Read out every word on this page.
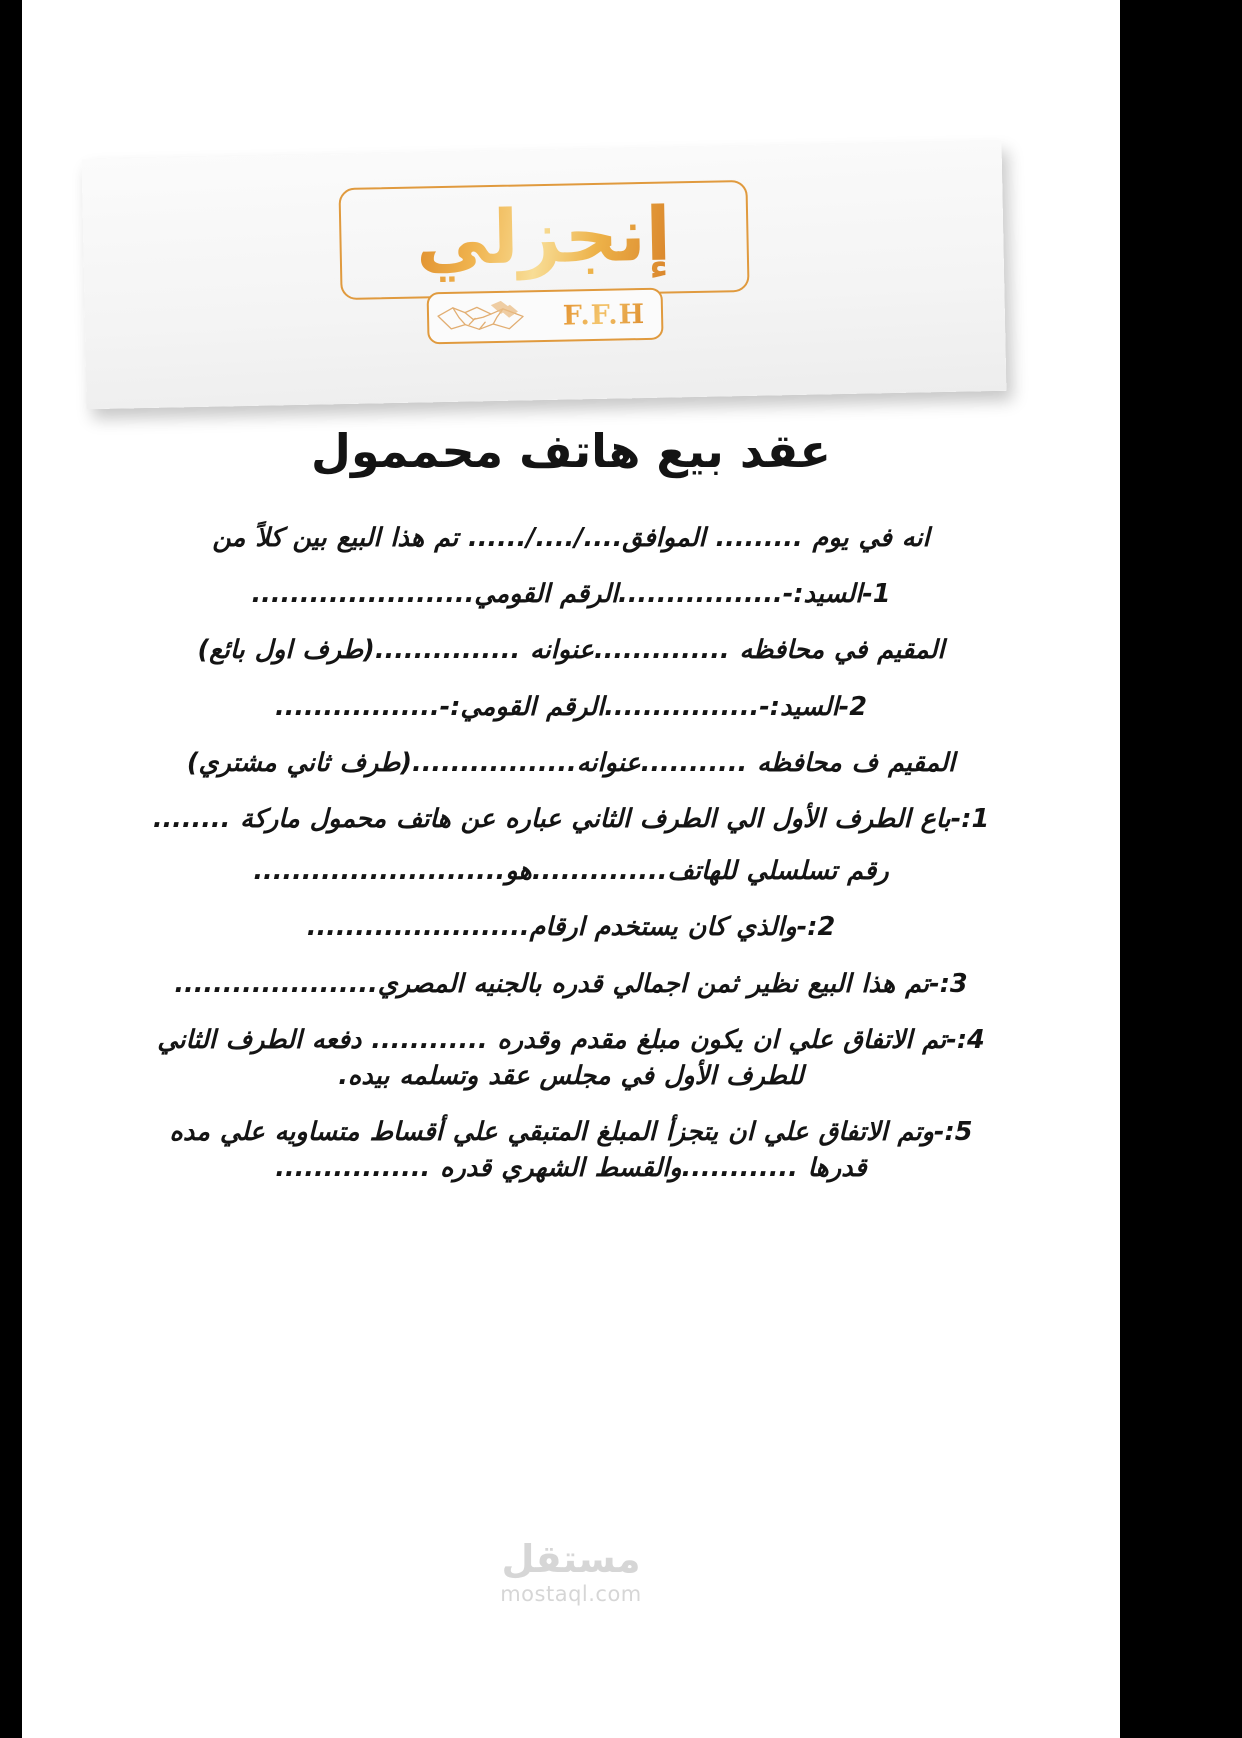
إنجزلي
F.F.H
عقد بيع هاتف محممول

انه في يوم ......... الموافق..../..../...... تم هذا البيع بين كلاً من

1-السيد:-.................الرقم القومي.......................

المقيم في محافظه ..............عنوانه ...............(طرف اول بائع)

2-السيد:-................الرقم القومي:-.................

المقيم ف محافظه ...........عنوانه.................(طرف ثاني مشتري)

1:-باع الطرف الأول الي الطرف الثاني عباره عن هاتف محمول ماركة ........

رقم تسلسلي للهاتف..............هو..........................

2:-والذي كان يستخدم ارقام.......................

3:-تم هذا البيع نظير ثمن اجمالي قدره بالجنيه المصري.....................

4:-تم الاتفاق علي ان يكون مبلغ مقدم وقدره ............ دفعه الطرف الثاني للطرف الأول في مجلس عقد وتسلمه بيده.

5:-وتم الاتفاق علي ان يتجزأ المبلغ المتبقي علي أقساط متساويه علي مده قدرها ............والقسط الشهري قدره ................

مستقل
mostaql.com
